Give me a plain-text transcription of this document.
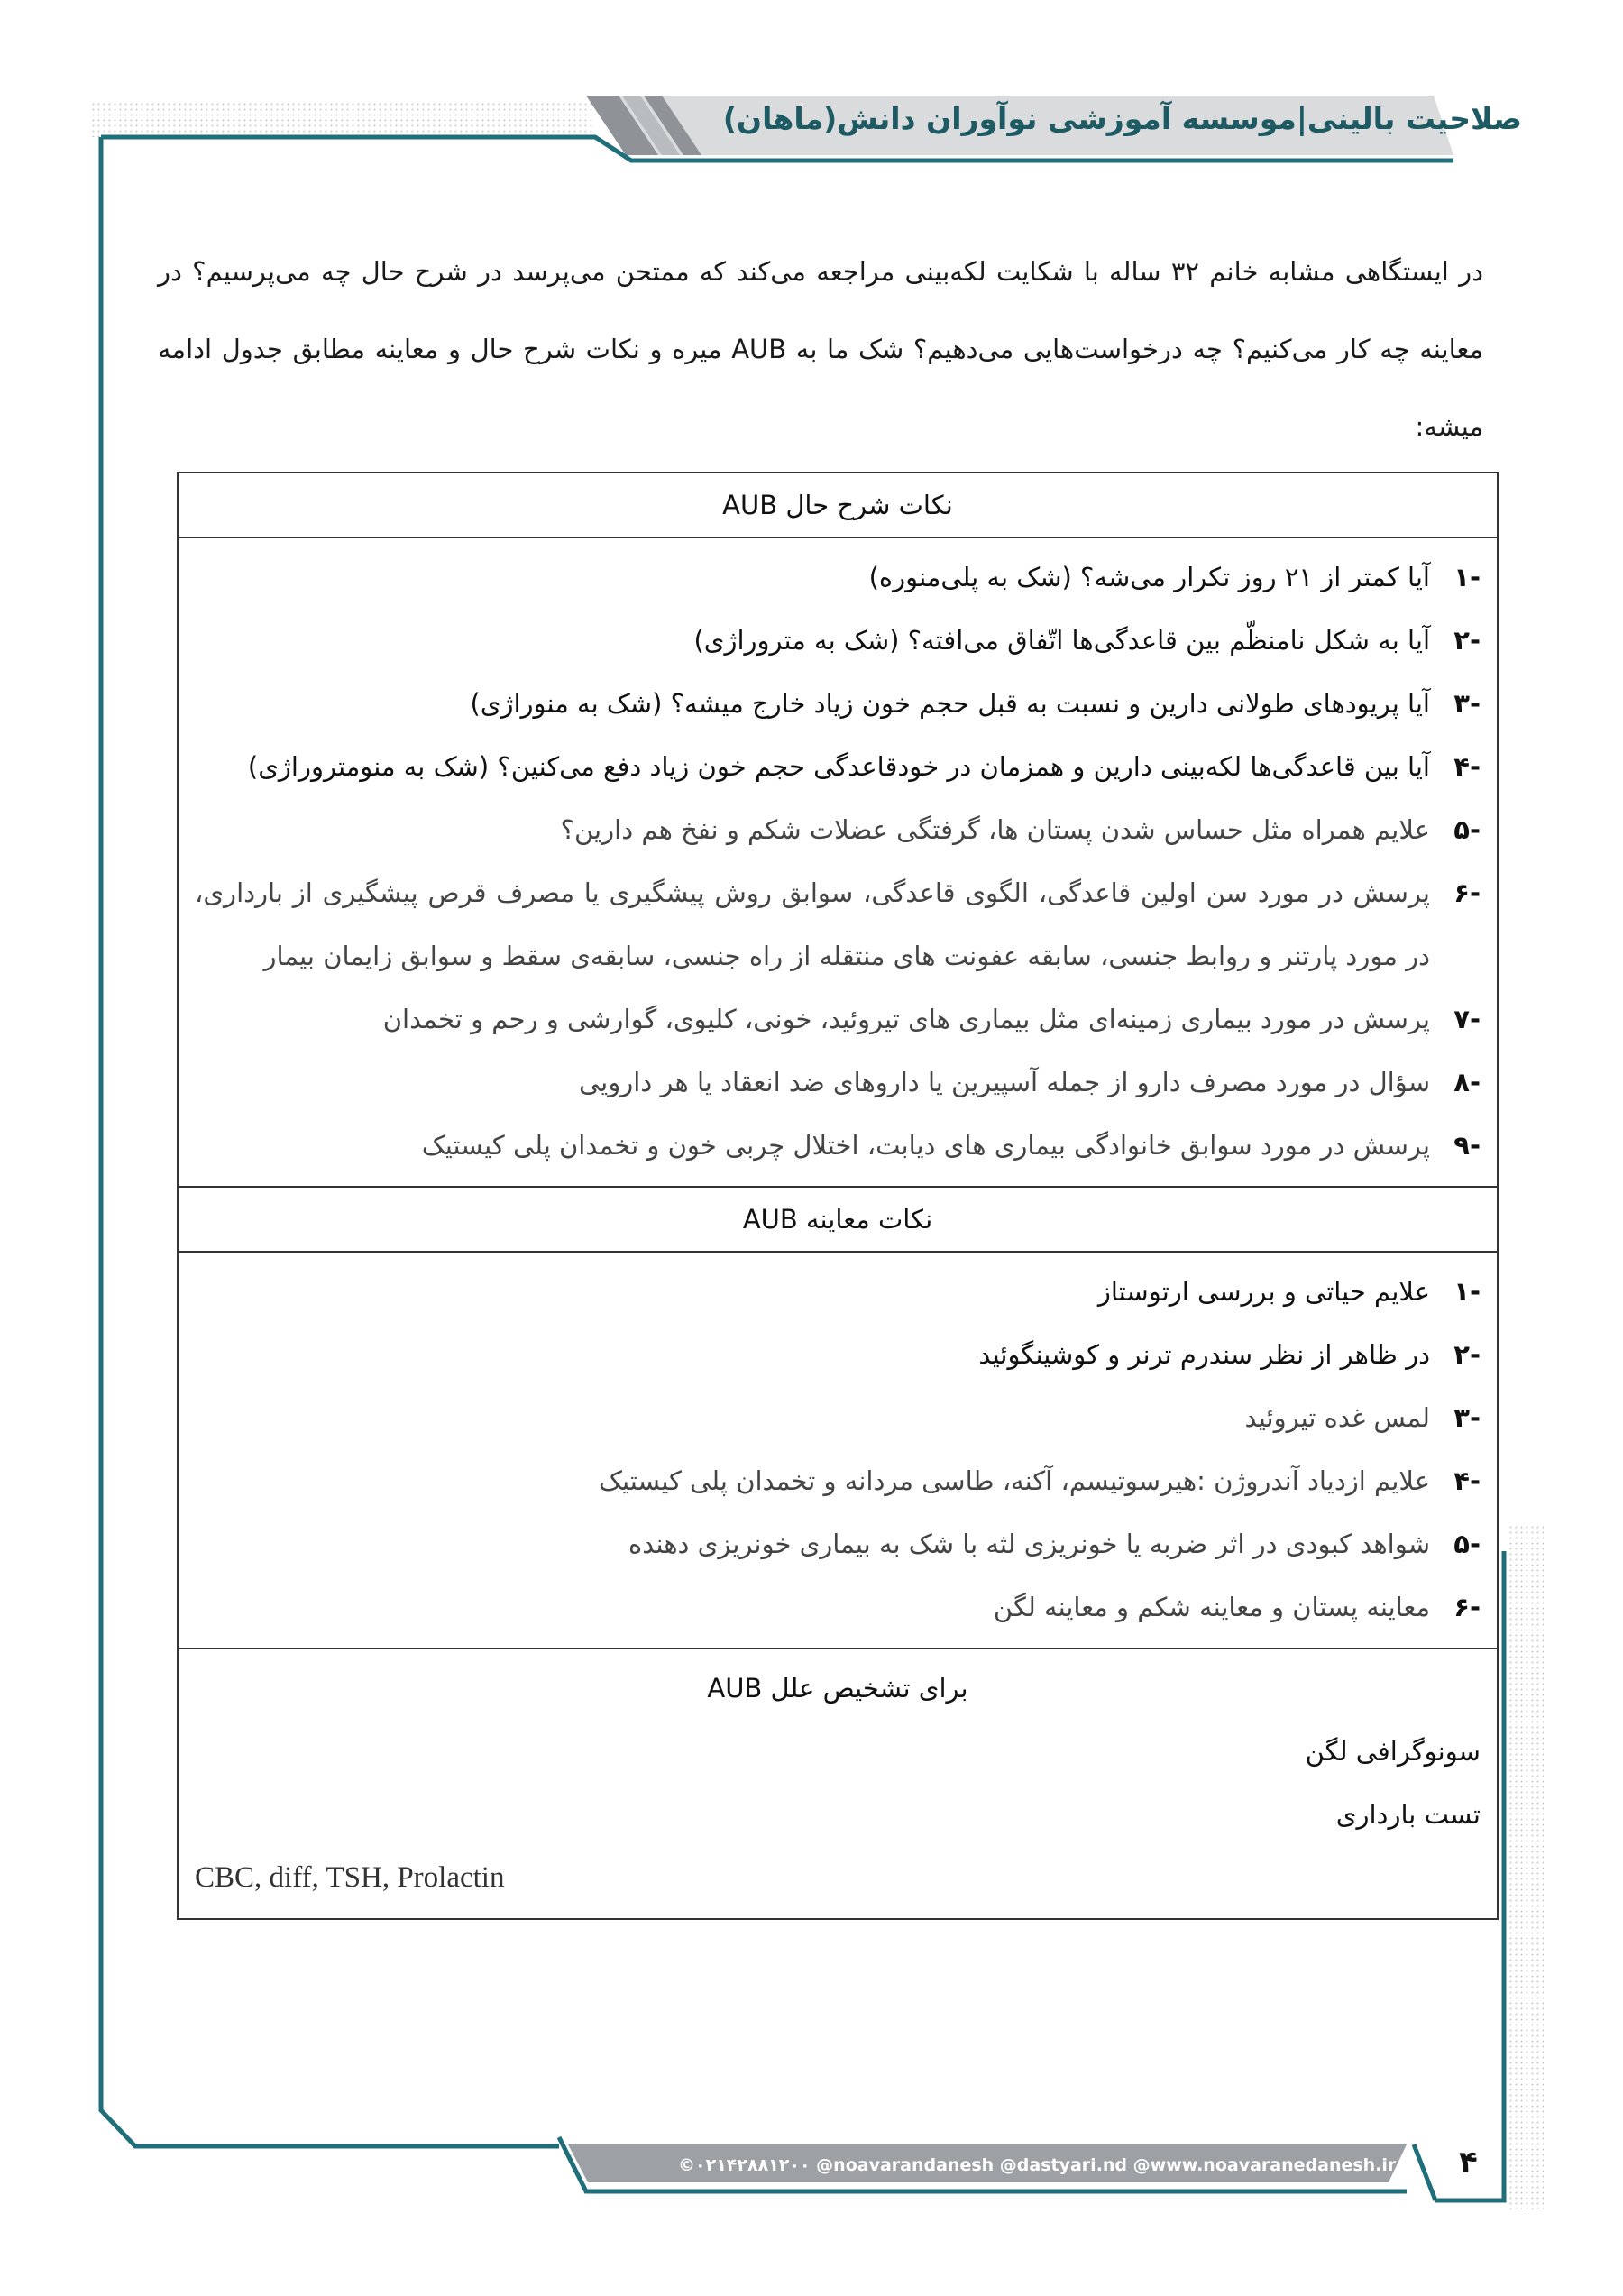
صلاحیت بالینی|موسسه آموزشی نوآوران دانش(ماهان)
در ایستگاهی مشابه خانم ۳۲ ساله با شکایت لکه‌بینی مراجعه می‌کند که ممتحن می‌پرسد در شرح حال چه می‌پرسیم؟ در معاینه چه کار می‌کنیم؟ چه درخواست‌هایی می‌دهیم؟ شک ما به AUB میره و نکات شرح حال و معاینه مطابق جدول ادامه میشه:
نکات شرح حال AUB
-۱
آیا کمتر از ۲۱ روز تکرار می‌شه؟ (شک به پلی‌منوره)
-۲
آیا به شکل نامنظّم بین قاعدگی‌ها اتّفاق می‌افته؟ (شک به متروراژی)
-۳
آیا پریودهای طولانی دارین و نسبت به قبل حجم خون زیاد خارج میشه؟ (شک به منوراژی)
-۴
آیا بین قاعدگی‌ها لکه‌بینی دارین و همزمان در خودقاعدگی حجم خون زیاد دفع می‌کنین؟ (شک به منومتروراژی)
-۵
علایم همراه مثل حساس شدن پستان ها، گرفتگی عضلات شکم و نفخ هم دارین؟
-۶
پرسش در مورد سن اولین قاعدگی، الگوی قاعدگی، سوابق روش پیشگیری یا مصرف قرص پیشگیری از بارداری، در مورد پارتنر و روابط جنسی، سابقه عفونت های منتقله از راه جنسی، سابقه‌ی سقط و سوابق زایمان بیمار
-۷
پرسش در مورد بیماری زمینه‌ای مثل بیماری های تیروئید، خونی، کلیوی، گوارشی و رحم و تخمدان
-۸
سؤال در مورد مصرف دارو از جمله آسپیرین یا داروهای ضد انعقاد یا هر دارویی
-۹
پرسش در مورد سوابق خانوادگی بیماری های دیابت، اختلال چربی خون و تخمدان پلی کیستیک
نکات معاینه AUB
-۱
علایم حیاتی و بررسی ارتوستاز
-۲
در ظاهر از نظر سندرم ترنر و کوشینگوئید
-۳
لمس غده تیروئید
-۴
علایم ازدیاد آندروژن :هیرسوتیسم، آکنه، طاسی مردانه و تخمدان پلی کیستیک
-۵
شواهد کبودی در اثر ضربه یا خونریزی لثه با شک به بیماری خونریزی دهنده
-۶
معاینه پستان و معاینه شکم و معاینه لگن
برای تشخیص علل AUB
سونوگرافی لگن
تست بارداری
CBC, diff, TSH, Prolactin
©۰۲۱۴۲۸۸۱۲۰۰ @noavarandanesh @dastyari.nd @www.noavaranedanesh.ir ۴
